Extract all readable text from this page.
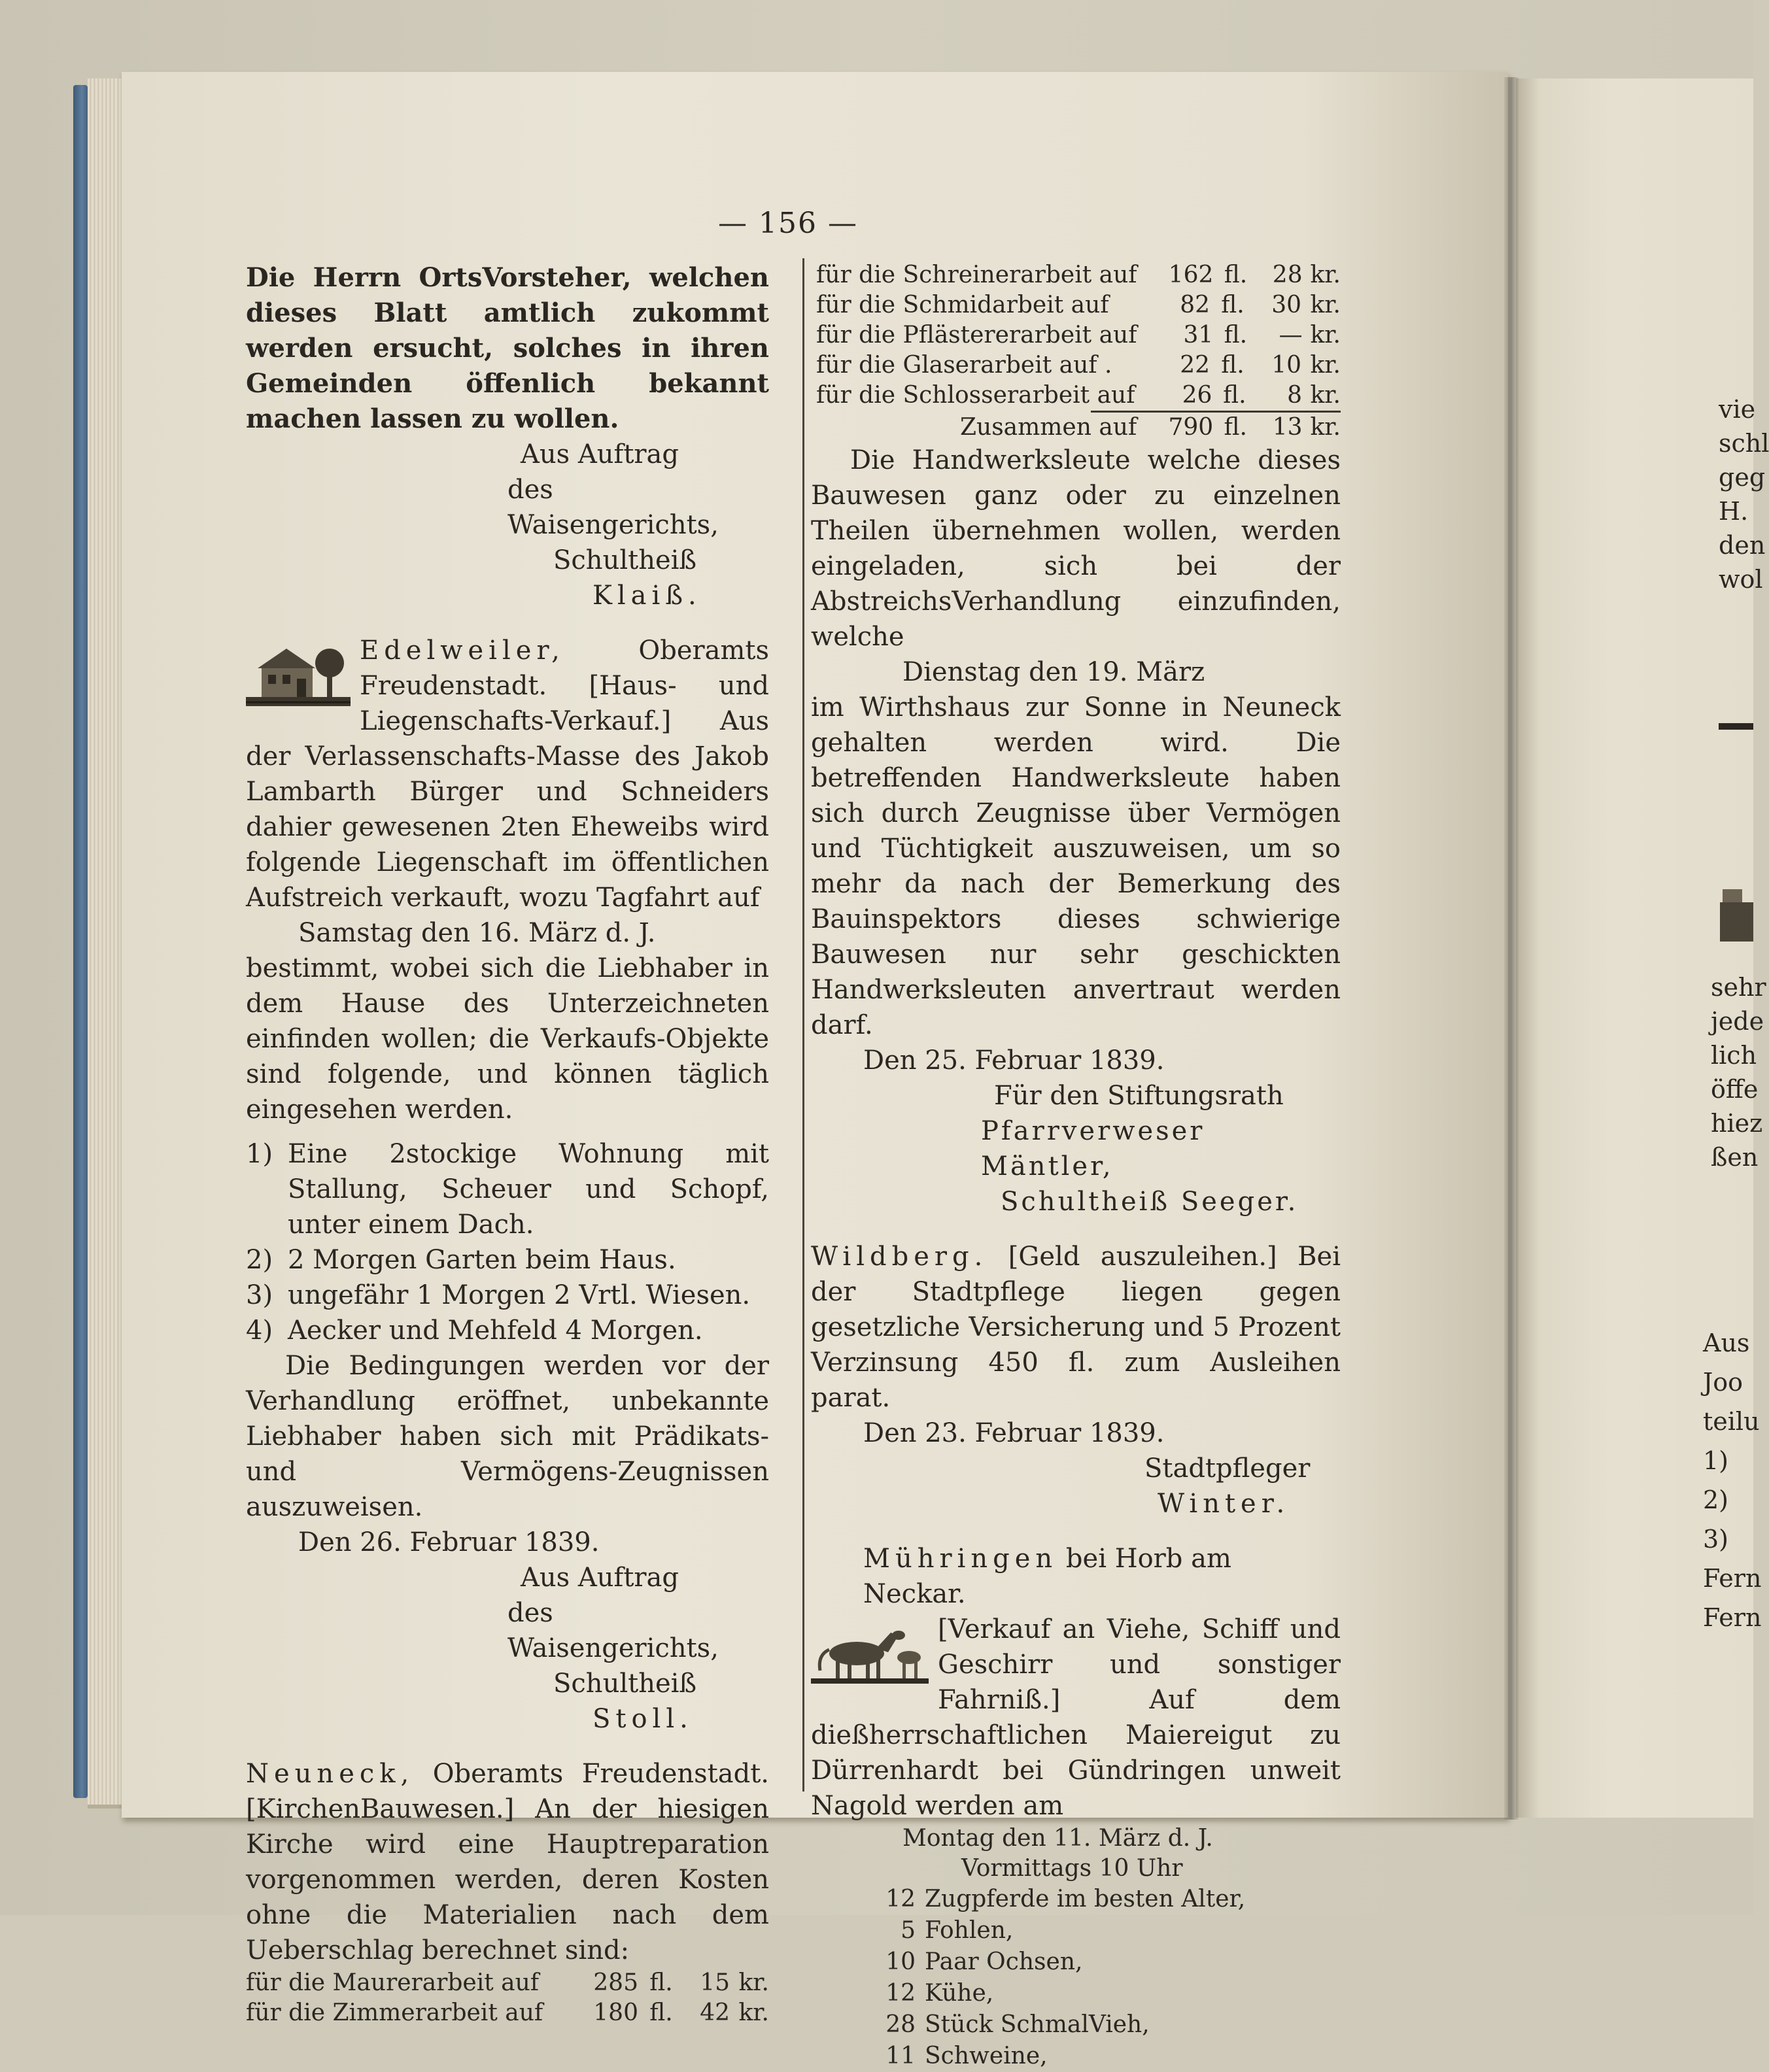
— 156 —

Die Herrn OrtsVorsteher, welchen dieses Blatt amtlich zukommt werden ersucht, solches in ihren Gemeinden öffenlich bekannt machen lassen zu wollen.

Aus Auftrag

des Waisengerichts,

Schultheiß

Klaiß.

Edelweiler,
Oberamts Freudenstadt. [Haus- und Liegenschafts-Verkauf.] Aus der Verlassenschafts-Masse des Jakob Lambarth Bürger und Schneiders dahier gewesenen 2ten Eheweibs wird folgende Liegenschaft im öffentlichen Aufstreich verkauft, wozu Tagfahrt auf

Samstag den 16. März d. J.

bestimmt, wobei sich die Liebhaber in dem Hause des Unterzeichneten einfinden wollen; die Verkaufs-Objekte sind folgende, und können täglich eingesehen werden.

1) Eine 2stockige Wohnung mit Stallung, Scheuer und Schopf, unter einem Dach.
2) 2 Morgen Garten beim Haus.
3) ungefähr 1 Morgen 2 Vrtl. Wiesen.
4) Aecker und Mehfeld 4 Morgen.

Die Bedingungen werden vor der Verhandlung eröffnet, unbekannte Liebhaber haben sich mit Prädikats- und Vermögens-Zeugnissen auszuweisen.

Den 26. Februar 1839.

Aus Auftrag

des Waisengerichts,

Schultheiß

Stoll.

Neuneck, Oberamts Freudenstadt. [KirchenBauwesen.] An der hiesigen Kirche wird eine Hauptreparation vorgenommen werden, deren Kosten ohne die Materialien nach dem Ueberschlag berechnet sind:

für die Maurerarbeit auf	285 fl.	15 kr.
für die Zimmerarbeit auf	180 fl.	42 kr.
für die Schreinerarbeit auf	162 fl.	28 kr.
für die Schmidarbeit auf	82 fl.	30 kr.
für die Pflästererarbeit auf	31 fl.	— kr.
für die Glaserarbeit auf .	22 fl.	10 kr.
für die Schlosserarbeit auf	26 fl.	8 kr.
Zusammen auf	790 fl.	13 kr.

Die Handwerksleute welche dieses Bauwesen ganz oder zu einzelnen Theilen übernehmen wollen, werden eingeladen, sich bei der AbstreichsVerhandlung einzufinden, welche

Dienstag den 19. März

im Wirthshaus zur Sonne in Neuneck gehalten werden wird. Die betreffenden Handwerksleute haben sich durch Zeugnisse über Vermögen und Tüchtigkeit auszuweisen, um so mehr da nach der Bemerkung des Bauinspektors dieses schwierige Bauwesen nur sehr geschickten Handwerksleuten anvertraut werden darf.

Den 25. Februar 1839.

Für den Stiftungsrath

Pfarrverweser Mäntler,

Schultheiß Seeger.

Wildberg. [Geld auszuleihen.] Bei der Stadtpflege liegen gegen gesetzliche Versicherung und 5 Prozent Verzinsung 450 fl. zum Ausleihen parat.

Den 23. Februar 1839.

Stadtpfleger

Winter.

Mühringen bei Horb am Neckar.

[Verkauf an Viehe, Schiff und Geschirr und sonstiger Fahrniß.] Auf dem dießherrschaftlichen Maiereigut zu Dürrenhardt bei Gündringen unweit Nagold werden am

Montag den 11. März d. J.

Vormittags 10 Uhr

12 Zugpferde im besten Alter,
5 Fohlen,
10 Paar Ochsen,
12 Kühe,
28 Stück SchmalVieh,
11 Schweine,
vie
schl
geg
H.
den
wol
sehr
jede
lich
öffe
hiez
ßen
Aus
Joo
teilu
1)
2)
3)
Fern
Fern
